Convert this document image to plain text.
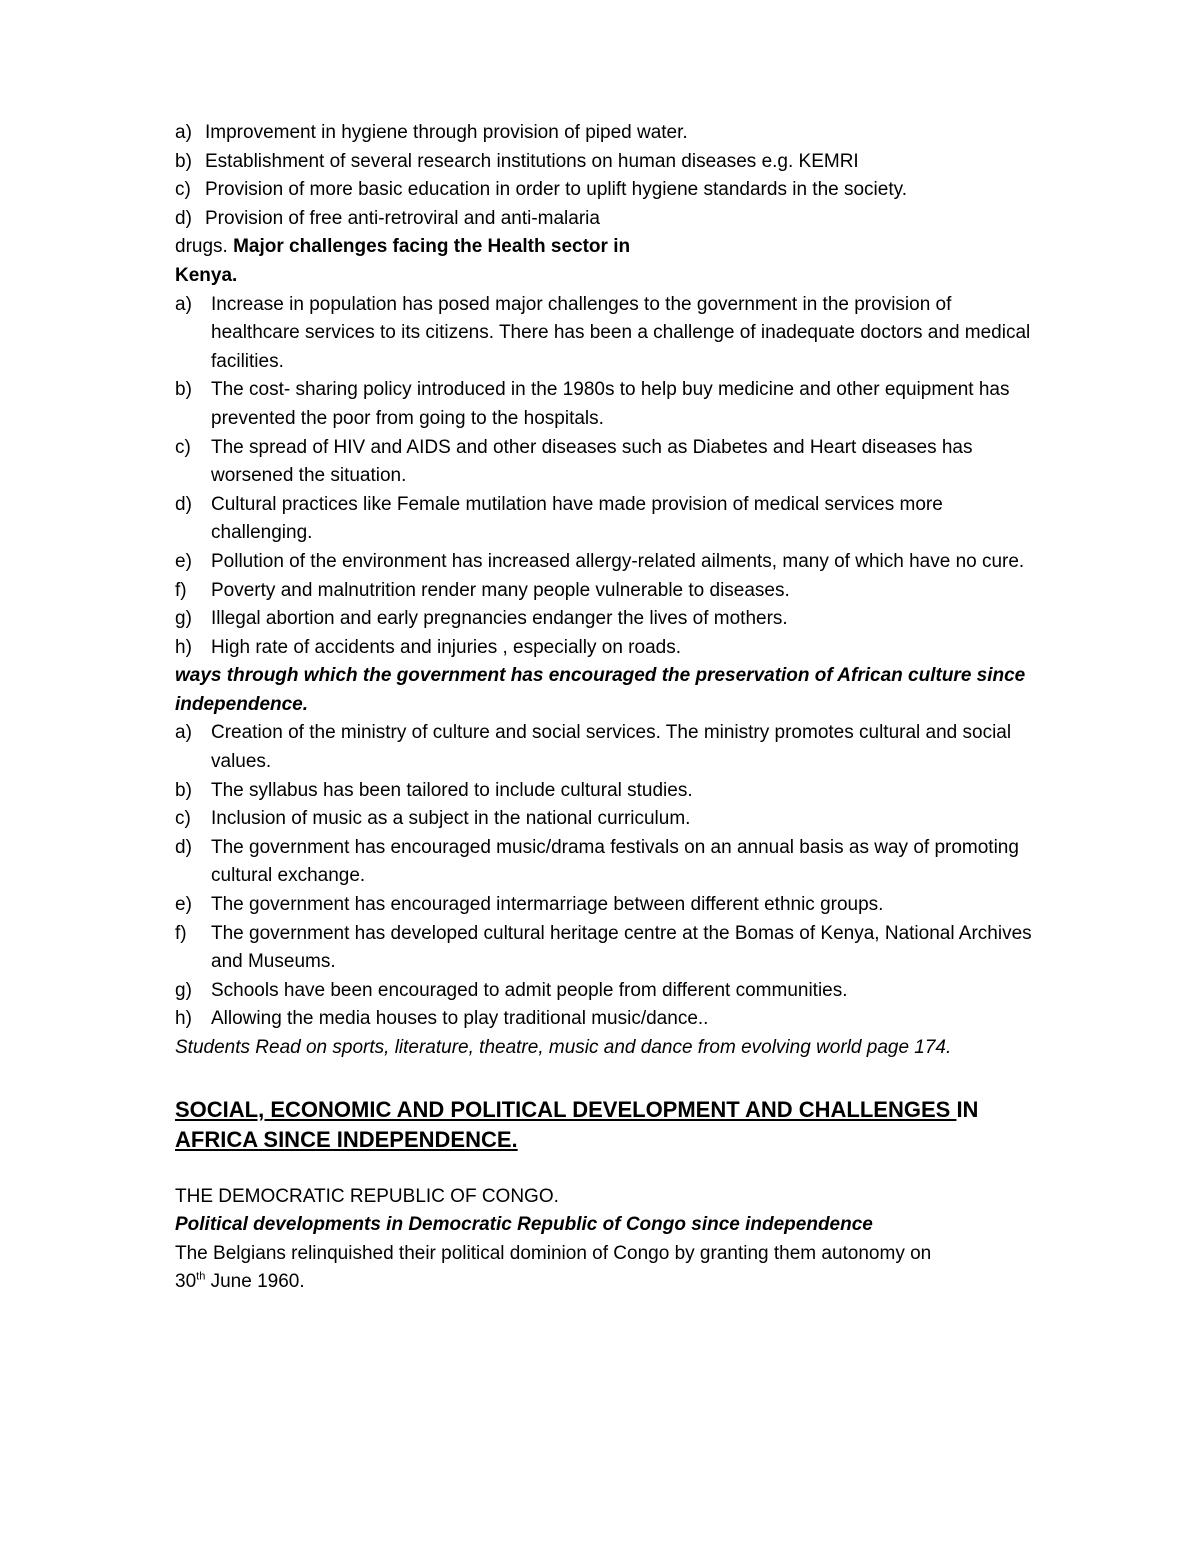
a) Improvement in hygiene through provision of piped water.
b) Establishment of several research institutions on human diseases e.g. KEMRI
c) Provision of more basic education in order to uplift hygiene standards in the society.
d) Provision of free anti-retroviral and anti-malaria

drugs. Major challenges facing the Health sector in

Kenya.

a)	Increase in population has posed major challenges to the government in the provision of healthcare services to its citizens. There has been a challenge of inadequate doctors and medical facilities.
b)	The cost- sharing policy introduced in the 1980s to help buy medicine and other equipment has prevented the poor from going to the hospitals.
c)	The spread of HIV and AIDS and other diseases such as Diabetes and Heart diseases has worsened the situation.
d)	Cultural practices like Female mutilation have made provision of medical services more challenging.
e)	Pollution of the environment has increased allergy-related ailments, many of which have no cure.
f)	Poverty and malnutrition render many people vulnerable to diseases.
g)	Illegal abortion and early pregnancies endanger the lives of mothers.
h)	High rate of accidents and injuries , especially on roads.

ways through which the government has encouraged the preservation of African culture since independence.

a)	Creation of the ministry of culture and social services. The ministry promotes cultural and social values.
b)	The syllabus has been tailored to include cultural studies.
c)	Inclusion of music as a subject in the national curriculum.
d)	The government has encouraged music/drama festivals on an annual basis as way of promoting cultural exchange.
e)	The government has encouraged intermarriage between different ethnic groups.
f)	The government has developed cultural heritage centre at the Bomas of Kenya, National Archives and Museums.
g)	Schools have been encouraged to admit people from different communities.
h)	Allowing the media houses to play traditional music/dance..

Students Read on sports, literature, theatre, music and dance from evolving world page 174.

SOCIAL, ECONOMIC AND POLITICAL DEVELOPMENT AND CHALLENGES IN
AFRICA SINCE INDEPENDENCE.

THE DEMOCRATIC REPUBLIC OF CONGO.

Political developments in Democratic Republic of Congo since independence

The Belgians relinquished their political dominion of Congo by granting them autonomy on
30th June 1960.
